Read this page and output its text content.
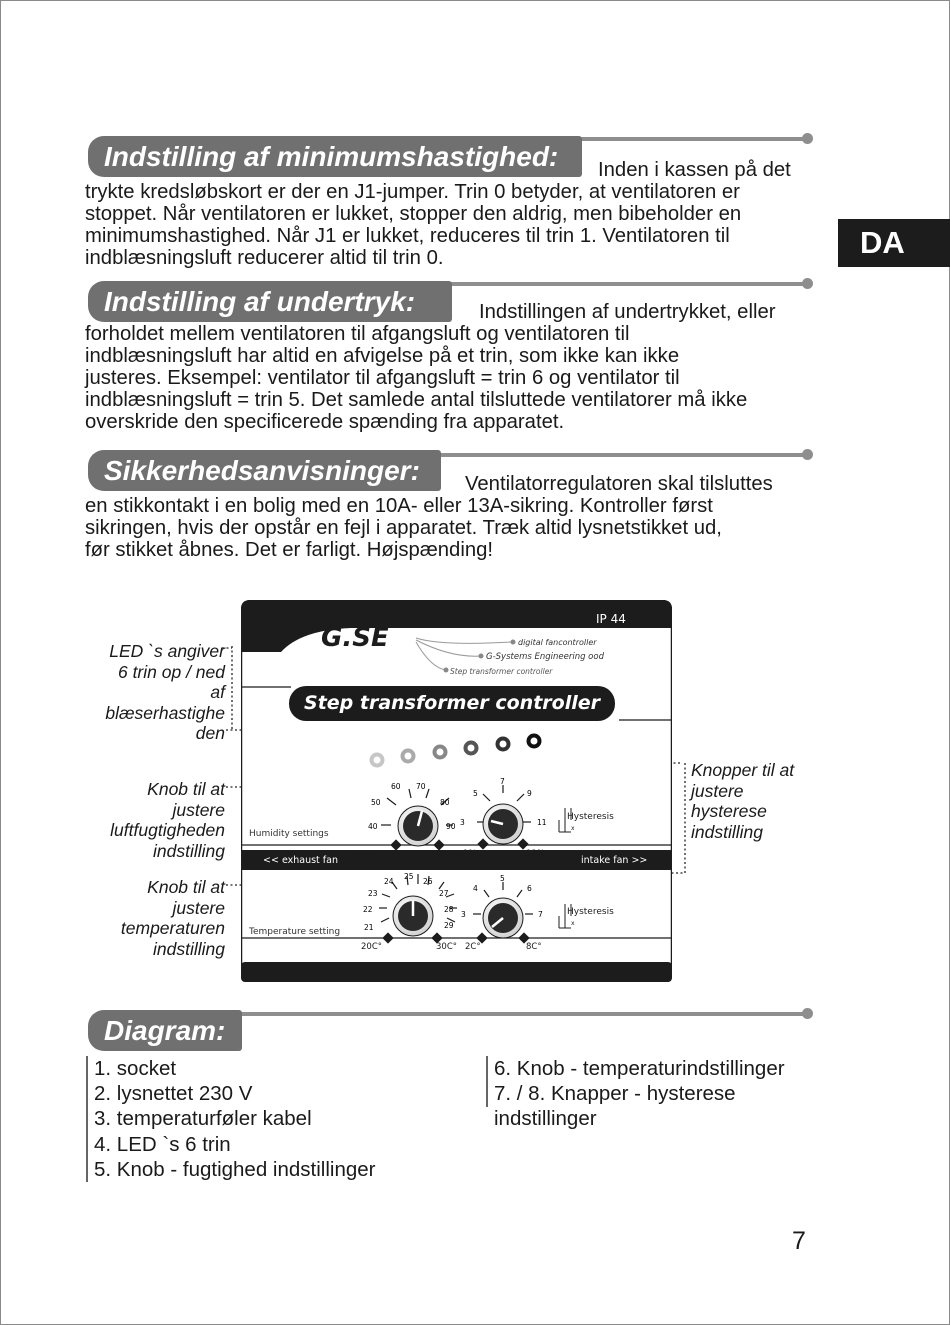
DA
Indstilling af minimumshastighed:	Inden i kassen på det
trykte kredsløbskort er der en J1-jumper. Trin 0 betyder, at ventilatoren er
stoppet. Når ventilatoren er lukket, stopper den aldrig, men bibeholder en
minimumshastighed. Når J1 er lukket, reduceres til trin 1. Ventilatoren til
indblæsningsluft reducerer altid til trin 0.
Indstilling af undertryk:	Indstillingen af undertrykket, eller
forholdet mellem ventilatoren til afgangsluft og ventilatoren til
indblæsningsluft har altid en afvigelse på et trin, som ikke kan ikke
justeres. Eksempel: ventilator til afgangsluft = trin 6 og ventilator til
indblæsningsluft = trin 5. Det samlede antal tilsluttede ventilatorer må ikke
overskride den specificerede spænding fra apparatet.
Sikkerhedsanvisninger:	Ventilatorregulatoren skal tilsluttes
en stikkontakt i en bolig med en 10A- eller 13A-sikring. Kontroller først
sikringen, hvis der opstår en fejl i apparatet. Træk altid lysnetstikket ud,
før stikket åbnes. Det er farligt. Højspænding!
LED `s angiver
6 trin op / ned
af
blæserhastighe
den
Knob til at
justere
luftfugtigheden
indstilling
Knob til at
justere
temperaturen
indstilling
Knopper til at
justere
hysterese
indstilling
IP 44
G.SE	digital fancontroller
G-Systems Engineering ood
Step transformer controller
Step transformer controller
40
50
60 70
80
90
Humidity settings
30% rh	100%
3
5
7
9
11
1%	13%
Hysteresis
x
<< exhaust fan	intake fan >>
21
22
23
24
25
26
27
28
29
Temperature setting
20C°	30C°
3
4
5
6
7
2C°	8C°
Hysteresis
x
Diagram:
1. socket
2. lysnettet 230 V
3. temperaturføler kabel
4. LED `s 6 trin
5. Knob - fugtighed indstillinger
6. Knob - temperaturindstillinger
7. / 8. Knapper - hysterese
indstillinger
7
